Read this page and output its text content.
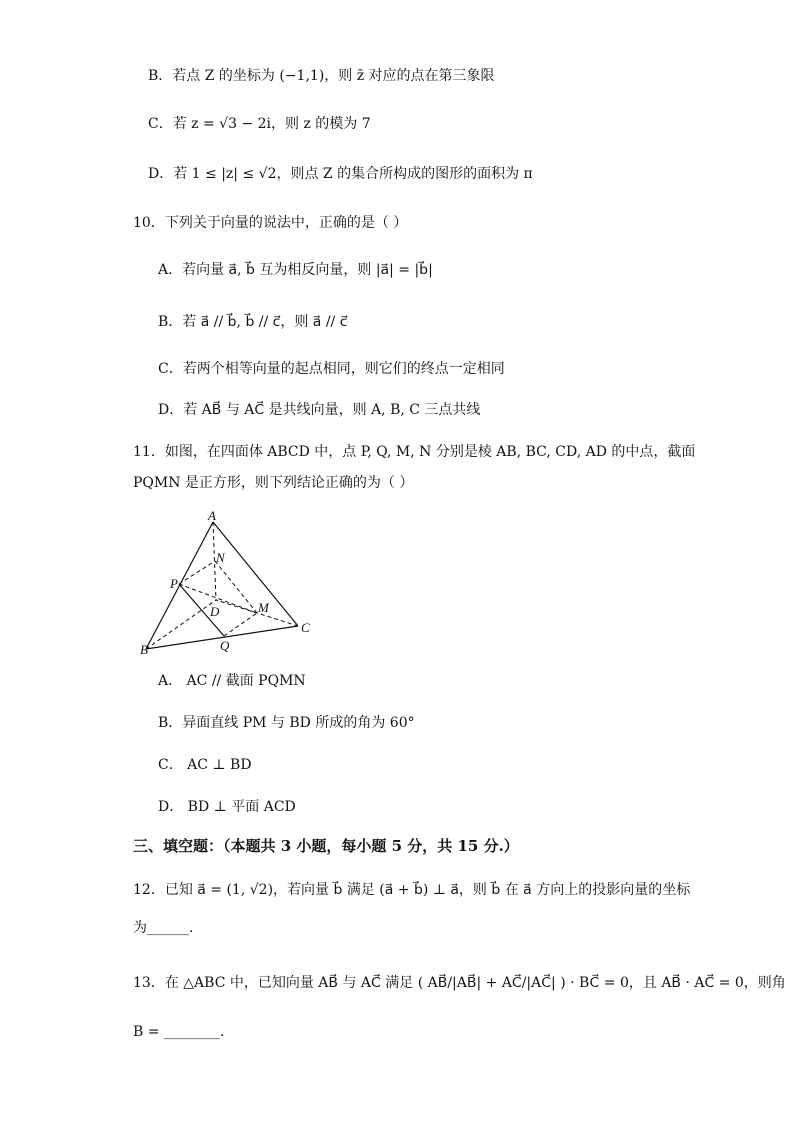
B．若点 Z 的坐标为 (−1,1)，则 z̄ 对应的点在第三象限
C．若 z = √3 − 2i，则 z 的模为 7
D．若 1 ≤ |z| ≤ √2，则点 Z 的集合所构成的图形的面积为 π
10．下列关于向量的说法中，正确的是（ ）
A．若向量 a⃗, b⃗ 互为相反向量，则 |a⃗| = |b⃗|
B．若 a⃗ // b⃗, b⃗ // c⃗，则 a⃗ // c⃗
C．若两个相等向量的起点相同，则它们的终点一定相同
D．若 AB⃗ 与 AC⃗ 是共线向量，则 A, B, C 三点共线
11．如图，在四面体 ABCD 中，点 P, Q, M, N 分别是棱 AB, BC, CD, AD 的中点，截面
PQMN 是正方形，则下列结论正确的为（ ）
A
N
P
D	M
C
Q
B
A． AC // 截面 PQMN
B．异面直线 PM 与 BD 所成的角为 60°
C． AC ⊥ BD
D． BD ⊥ 平面 ACD
三、填空题：（本题共 3 小题，每小题 5 分，共 15 分.）
12．已知 a⃗ = (1, √2)，若向量 b⃗ 满足 (a⃗ + b⃗) ⊥ a⃗，则 b⃗ 在 a⃗ 方向上的投影向量的坐标
为______.
13．在 △ABC 中，已知向量 AB⃗ 与 AC⃗ 满足 ( AB⃗/|AB⃗| + AC⃗/|AC⃗| ) · BC⃗ = 0，且 AB⃗ · AC⃗ = 0，则角
B = ________.
